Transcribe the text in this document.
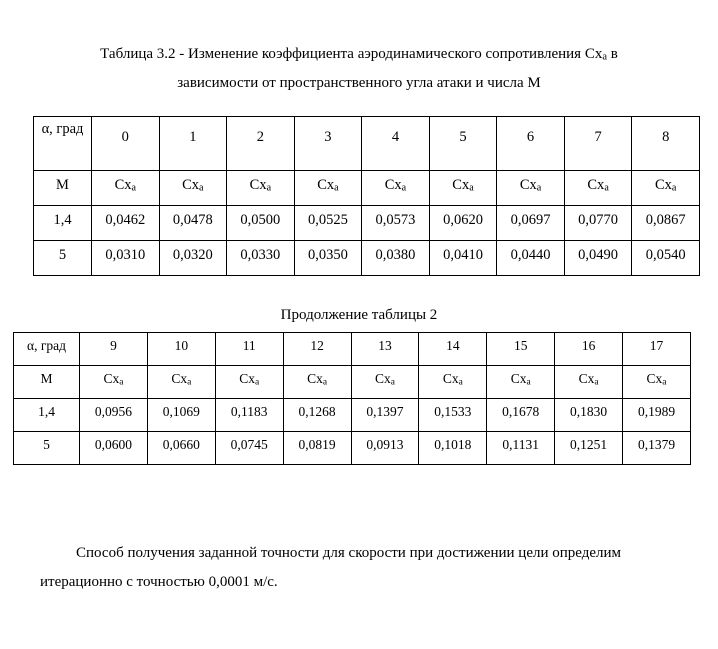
Таблица 3.2 - Изменение коэффициента аэродинамического сопротивления Схa в
зависимости от пространственного угла атаки и числа М
α, град	0	1	2	3	4	5	6	7	8
М	Схa	Схa	Схa	Схa	Схa	Схa	Схa	Схa	Схa
1,4	0,0462	0,0478	0,0500	0,0525	0,0573	0,0620	0,0697	0,0770	0,0867
5	0,0310	0,0320	0,0330	0,0350	0,0380	0,0410	0,0440	0,0490	0,0540
Продолжение таблицы 2
α, град	9	10	11	12	13	14	15	16	17
М	Схa	Схa	Схa	Схa	Схa	Схa	Схa	Схa	Схa
1,4	0,0956	0,1069	0,1183	0,1268	0,1397	0,1533	0,1678	0,1830	0,1989
5	0,0600	0,0660	0,0745	0,0819	0,0913	0,1018	0,1131	0,1251	0,1379
Способ получения заданной точности для скорости при достижении цели определим
итерационно с точностью 0,0001 м/с.
